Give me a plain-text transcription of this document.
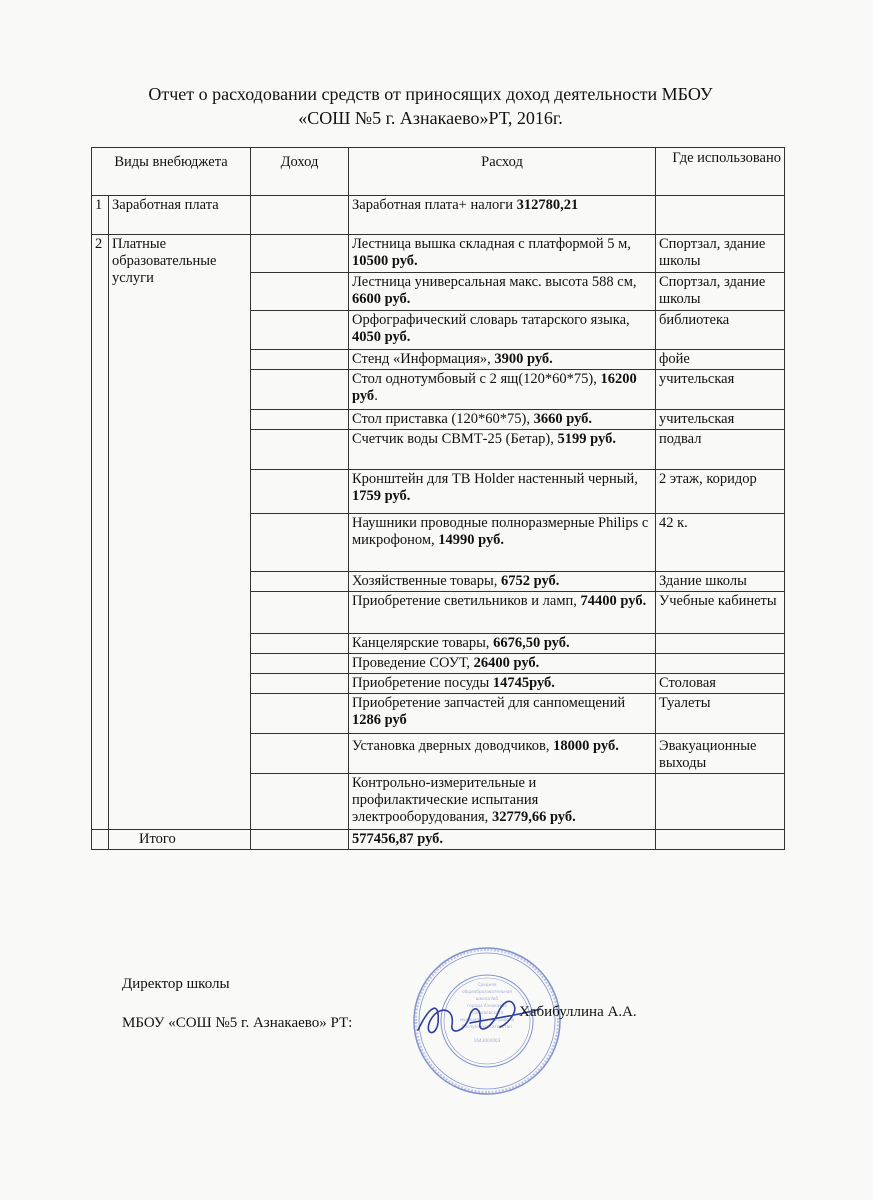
Отчет о расходовании средств от приносящих доход деятельности МБОУ
«СОШ №5 г. Азнакаево»РТ, 2016г.
Виды внебюджета		Доход	Расход	Где использовано
1	Заработная плата		Заработная плата+ налоги 312780,21	
2	Платные образовательные услуги		Лестница вышка складная с платформой 5 м, 10500 руб.	Спортзал, здание школы
			Лестница универсальная макс. высота 588 см, 6600 руб.	Спортзал, здание школы
			Орфографический словарь татарского языка, 4050 руб.	библиотека
			Стенд «Информация», 3900 руб.	фойе
			Стол однотумбовый с 2 ящ(120*60*75), 16200 руб.	учительская
			Стол приставка (120*60*75), 3660 руб.	учительская
			Счетчик воды СВМТ-25 (Бетар), 5199 руб.	подвал
			Кронштейн для ТВ Holder настенный черный, 1759 руб.	2 этаж, коридор
			Наушники проводные полноразмерные Philips с микрофоном, 14990 руб.	42 к.
			Хозяйственные товары, 6752 руб.	Здание школы
			Приобретение светильников и ламп, 74400 руб.	Учебные кабинеты
			Канцелярские товары, 6676,50 руб.	
			Проведение СОУТ, 26400 руб.	
			Приобретение посуды 14745руб.	Столовая
			Приобретение запчастей для санпомещений 1286 руб	Туалеты
			Установка дверных доводчиков, 18000 руб.	Эвакуационные выходы
			Контрольно-измерительные и профилактические испытания электрооборудования, 32779,66 руб.	
	Итого		577456,87 руб.	
Директор школы
МБОУ «СОШ №5 г. Азнакаево» РТ:
Средняя
общеобразовательная
школа №5
города Азнакаево
Азнакаевского
муниципального района
Республики Татарстан
1643004003
Хабибуллина А.А.
